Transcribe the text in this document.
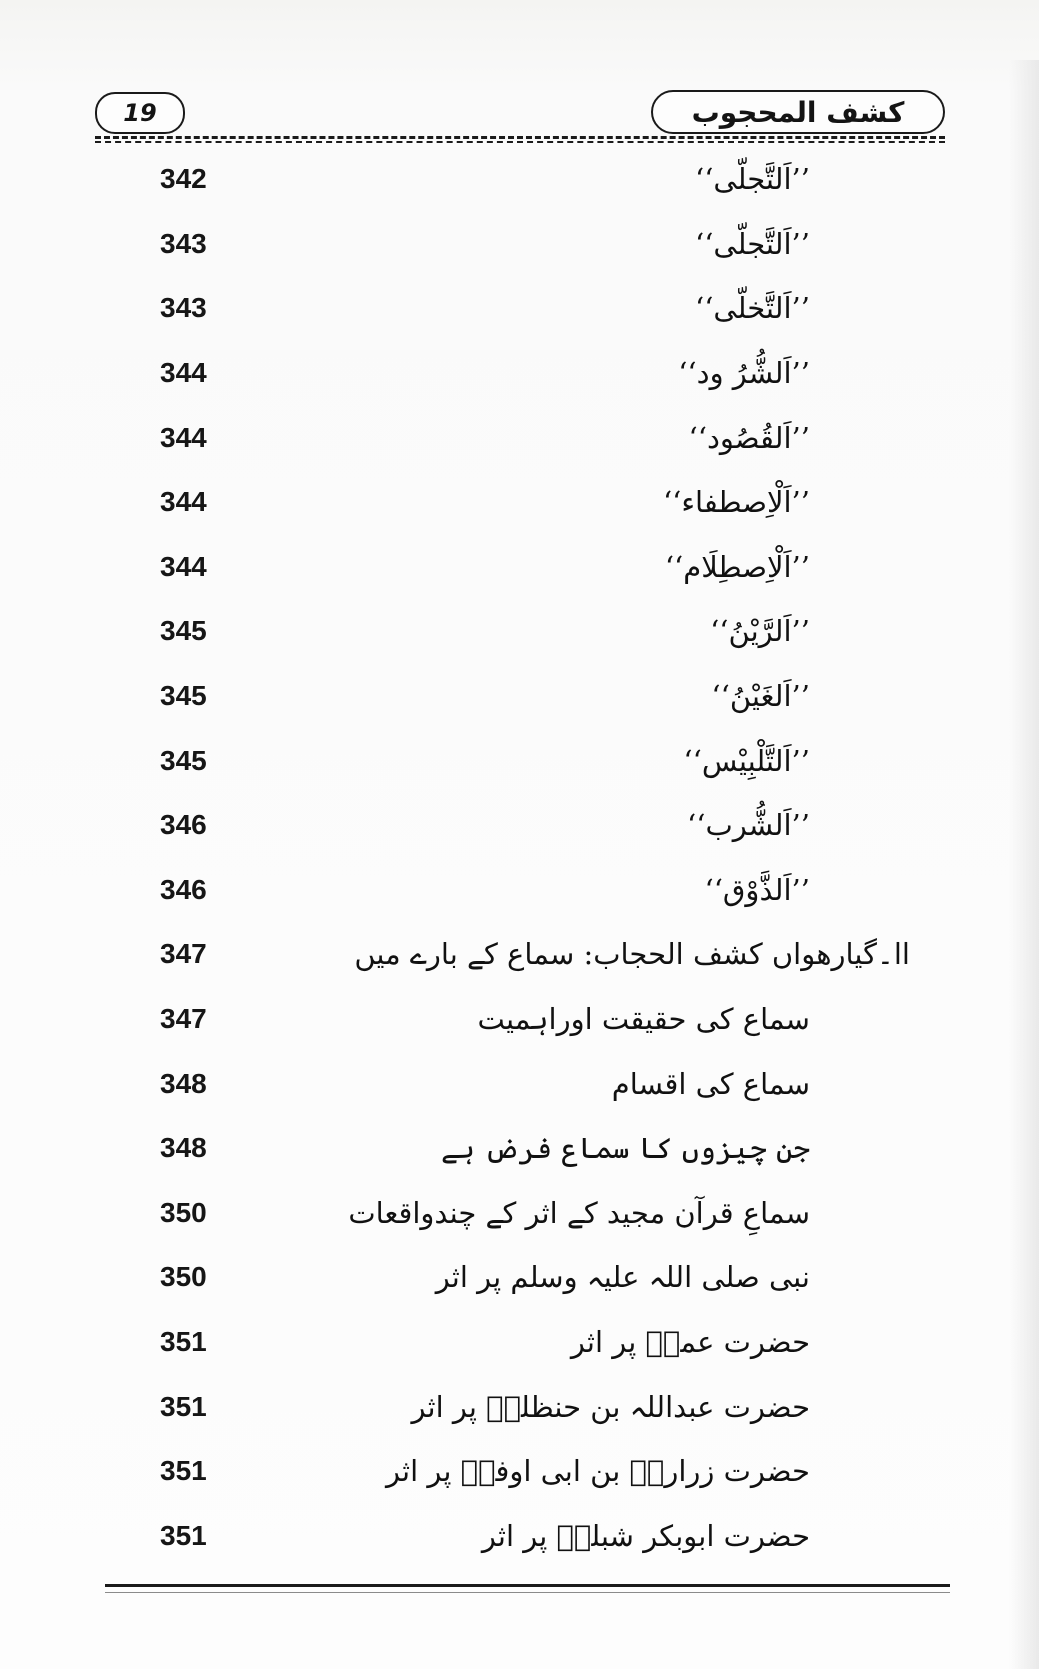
19	کشف المحجوب
342	’’اَلتَّجلّی‘‘
343	’’اَلتَّجلّی‘‘
343	’’اَلتَّخلّی‘‘
344	’’اَلشُّرُ ود‘‘
344	’’اَلقُصُود‘‘
344	’’اَلْاِصطفاء‘‘
344	’’اَلْاِصطِلَام‘‘
345	’’اَلرَّیْنُ‘‘
345	’’اَلغَیْنُ‘‘
345	’’اَلتَّلْبِیْس‘‘
346	’’اَلشُّرب‘‘
346	’’اَلذَّوْق‘‘
347	اا۔گیارھواں کشف الحجاب: سماع کے بارے میں
347	سماع کی حقیقت اوراہمیت
348	سماع کی اقسام
348	جن چیزوں کا سماع فرض ہے
350	سماعِ قرآن مجید کے اثر کے چندواقعات
350	نبی صلی اللہ علیہ وسلم پر اثر
351	حضرت عمرؓ پر اثر
351	حضرت عبداللہ بن حنظلہؓ پر اثر
351	حضرت زرارہؓ بن ابی اوفیؓ پر اثر
351	حضرت ابوبکر شبلیؒ پر اثر
